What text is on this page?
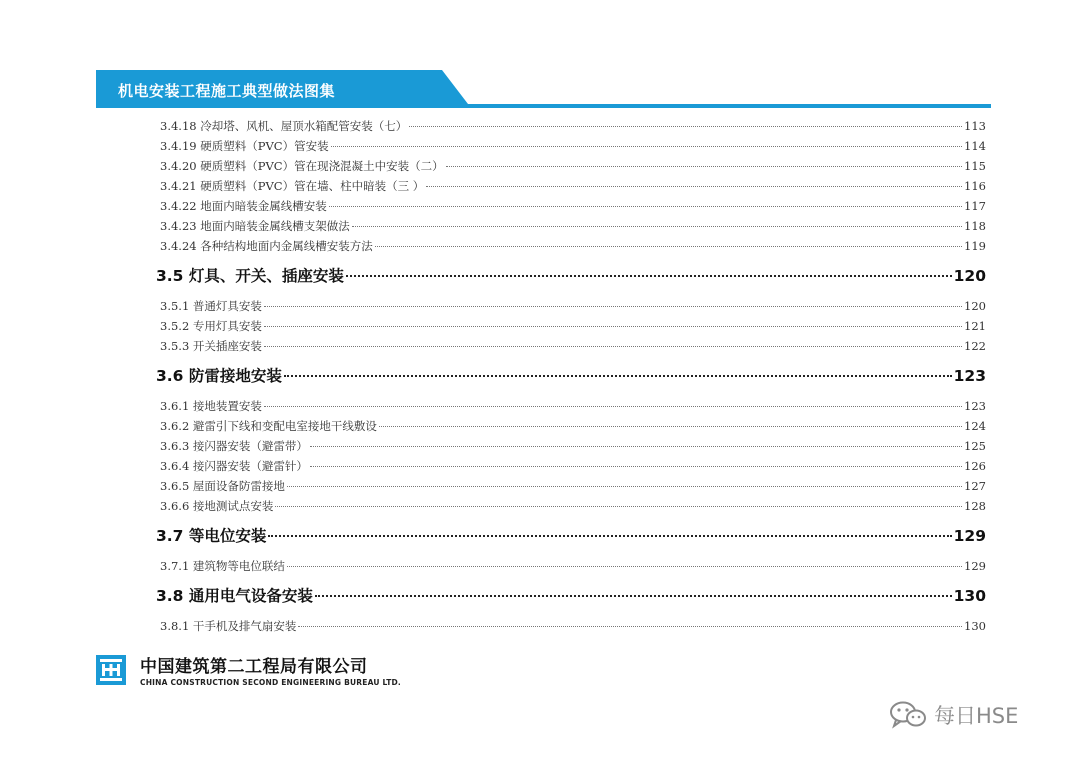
机电安装工程施工典型做法图集
3.4.18 冷却塔、风机、屋顶水箱配管安装（七）	113
3.4.19 硬质塑料（PVC）管安装	114
3.4.20 硬质塑料（PVC）管在现浇混凝土中安装（二）	115
3.4.21 硬质塑料（PVC）管在墙、柱中暗装（三 ）	116
3.4.22 地面内暗装金属线槽安装	117
3.4.23 地面内暗装金属线槽支架做法	118
3.4.24 各种结构地面内金属线槽安装方法	119
3.5 灯具、开关、插座安装	120
3.5.1 普通灯具安装	120
3.5.2 专用灯具安装	121
3.5.3 开关插座安装	122
3.6 防雷接地安装	123
3.6.1 接地装置安装	123
3.6.2 避雷引下线和变配电室接地干线敷设	124
3.6.3 接闪器安装（避雷带）	125
3.6.4 接闪器安装（避雷针）	126
3.6.5 屋面设备防雷接地	127
3.6.6 接地测试点安装	128
3.7 等电位安装	129
3.7.1 建筑物等电位联结	129
3.8 通用电气设备安装	130
3.8.1 干手机及排气扇安装	130
中国建筑第二工程局有限公司
CHINA CONSTRUCTION SECOND ENGINEERING BUREAU LTD.
每日HSE
